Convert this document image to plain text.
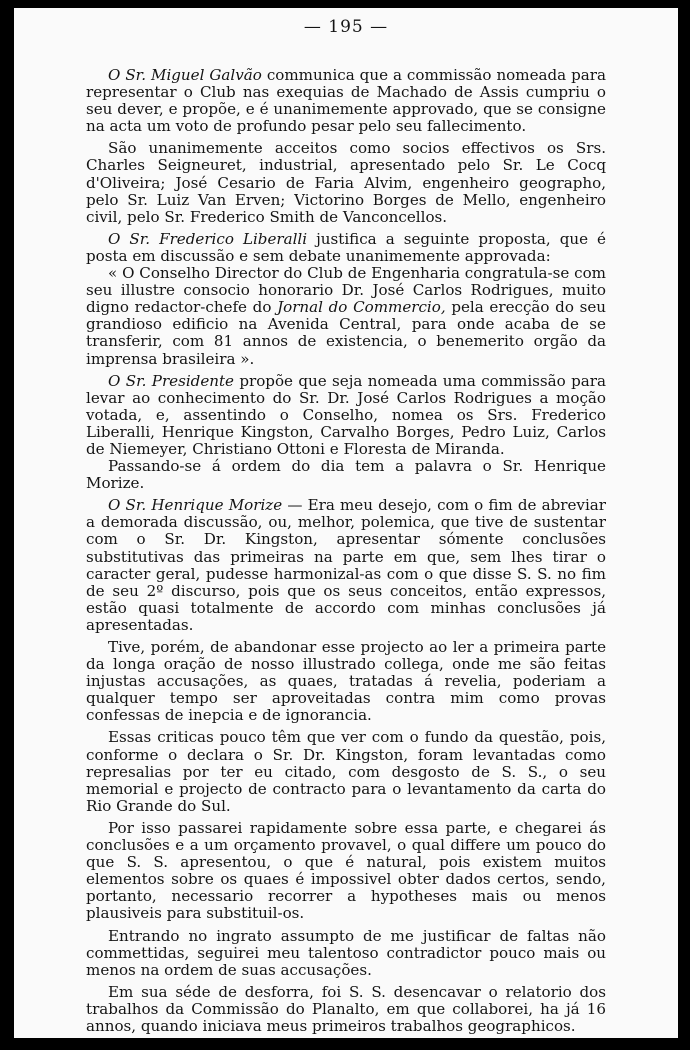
— 195 —

O Sr. Miguel Galvão communica que a commissão nomeada para representar o Club nas exequias de Machado de Assis cumpriu o seu dever, e propõe, e é unanimemente approvado, que se consigne na acta um voto de profundo pesar pelo seu fallecimento.

São unanimemente acceitos como socios effectivos os Srs. Charles Seigneuret, industrial, apresentado pelo Sr. Le Cocq d'Oliveira; José Cesario de Faria Alvim, engenheiro geographo, pelo Sr. Luiz Van Erven; Victorino Borges de Mello, engenheiro civil, pelo Sr. Frederico Smith de Vanconcellos.

O Sr. Frederico Liberalli justifica a seguinte proposta, que é posta em discussão e sem debate unanimemente approvada:

« O Conselho Director do Club de Engenharia congratula-se com seu illustre consocio honorario Dr. José Carlos Rodrigues, muito digno redactor-chefe do Jornal do Commercio, pela erecção do seu grandioso edificio na Avenida Central, para onde acaba de se transferir, com 81 annos de existencia, o benemerito orgão da imprensa brasileira ».

O Sr. Presidente propõe que seja nomeada uma commissão para levar ao conhecimento do Sr. Dr. José Carlos Rodrigues a moção votada, e, assentindo o Conselho, nomea os Srs. Frederico Liberalli, Henrique Kingston, Carvalho Borges, Pedro Luiz, Carlos de Niemeyer, Christiano Ottoni e Floresta de Miranda.

Passando-se á ordem do dia tem a palavra o Sr. Henrique Morize.

O Sr. Henrique Morize — Era meu desejo, com o fim de abreviar a demorada discussão, ou, melhor, polemica, que tive de sustentar com o Sr. Dr. Kingston, apresentar sómente conclusões substitutivas das primeiras na parte em que, sem lhes tirar o caracter geral, pudesse harmonizal-as com o que disse S. S. no fim de seu 2º discurso, pois que os seus conceitos, então expressos, estão quasi totalmente de accordo com minhas conclusões já apresentadas.

Tive, porém, de abandonar esse projecto ao ler a primeira parte da longa oração de nosso illustrado collega, onde me são feitas injustas accusações, as quaes, tratadas á revelia, poderiam a qualquer tempo ser aproveitadas contra mim como provas confessas de inepcia e de ignorancia.

Essas criticas pouco têm que ver com o fundo da questão, pois, conforme o declara o Sr. Dr. Kingston, foram levantadas como represalias por ter eu citado, com desgosto de S. S., o seu memorial e projecto de contracto para o levantamento da carta do Rio Grande do Sul.

Por isso passarei rapidamente sobre essa parte, e chegarei ás conclusões e a um orçamento provavel, o qual differe um pouco do que S. S. apresentou, o que é natural, pois existem muitos elementos sobre os quaes é impossivel obter dados certos, sendo, portanto, necessario recorrer a hypotheses mais ou menos plausiveis para substituil-os.

Entrando no ingrato assumpto de me justificar de faltas não commettidas, seguirei meu talentoso contradictor pouco mais ou menos na ordem de suas accusações.

Em sua séde de desforra, foi S. S. desencavar o relatorio dos trabalhos da Commissão do Planalto, em que collaborei, ha já 16 annos, quando iniciava meus primeiros trabalhos geographicos.
